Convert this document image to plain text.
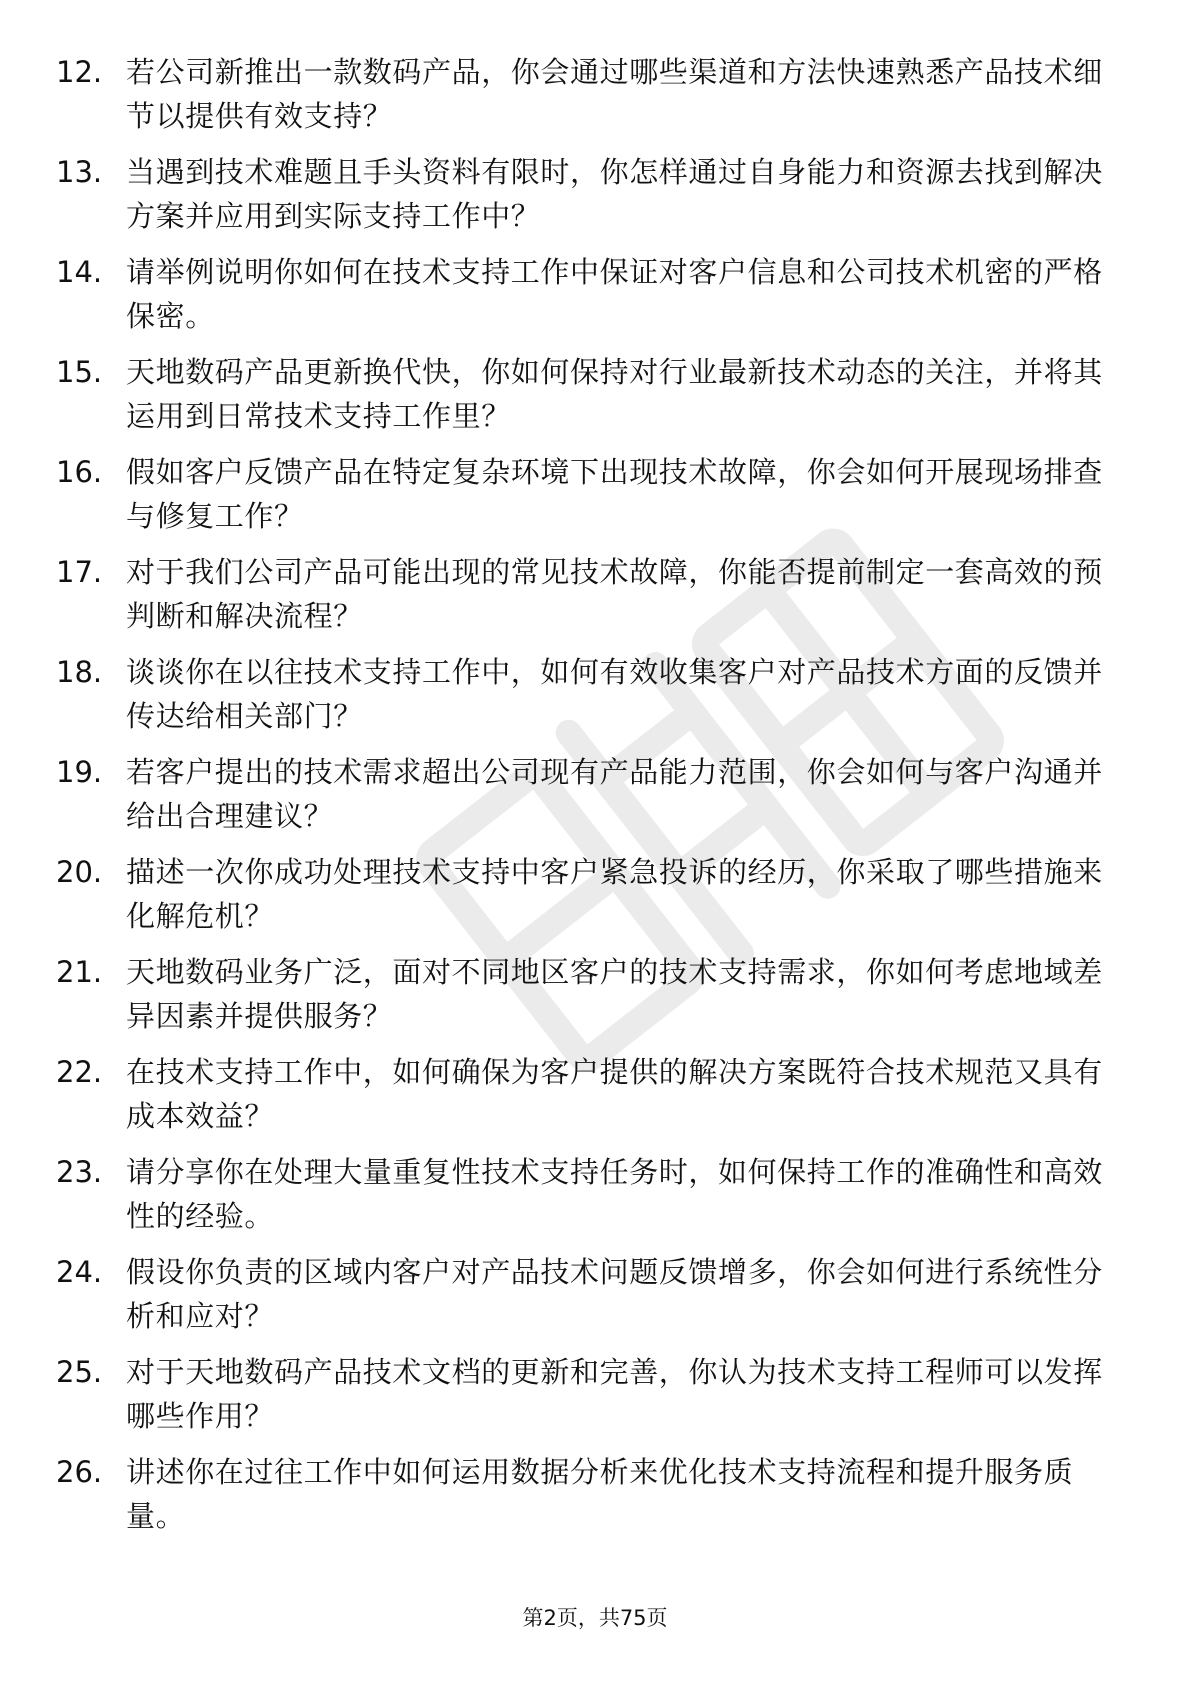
12. 若公司新推出一款数码产品，你会通过哪些渠道和方法快速熟悉产品技术细节以提供有效支持？
13. 当遇到技术难题且手头资料有限时，你怎样通过自身能力和资源去找到解决方案并应用到实际支持工作中？
14. 请举例说明你如何在技术支持工作中保证对客户信息和公司技术机密的严格保密。
15. 天地数码产品更新换代快，你如何保持对行业最新技术动态的关注，并将其运用到日常技术支持工作里？
16. 假如客户反馈产品在特定复杂环境下出现技术故障，你会如何开展现场排查与修复工作？
17. 对于我们公司产品可能出现的常见技术故障，你能否提前制定一套高效的预判断和解决流程？
18. 谈谈你在以往技术支持工作中，如何有效收集客户对产品技术方面的反馈并传达给相关部门？
19. 若客户提出的技术需求超出公司现有产品能力范围，你会如何与客户沟通并给出合理建议？
20. 描述一次你成功处理技术支持中客户紧急投诉的经历，你采取了哪些措施来化解危机？
21. 天地数码业务广泛，面对不同地区客户的技术支持需求，你如何考虑地域差异因素并提供服务？
22. 在技术支持工作中，如何确保为客户提供的解决方案既符合技术规范又具有成本效益？
23. 请分享你在处理大量重复性技术支持任务时，如何保持工作的准确性和高效性的经验。
24. 假设你负责的区域内客户对产品技术问题反馈增多，你会如何进行系统性分析和应对？
25. 对于天地数码产品技术文档的更新和完善，你认为技术支持工程师可以发挥哪些作用？
26. 讲述你在过往工作中如何运用数据分析来优化技术支持流程和提升服务质量。
第2页，共75页
